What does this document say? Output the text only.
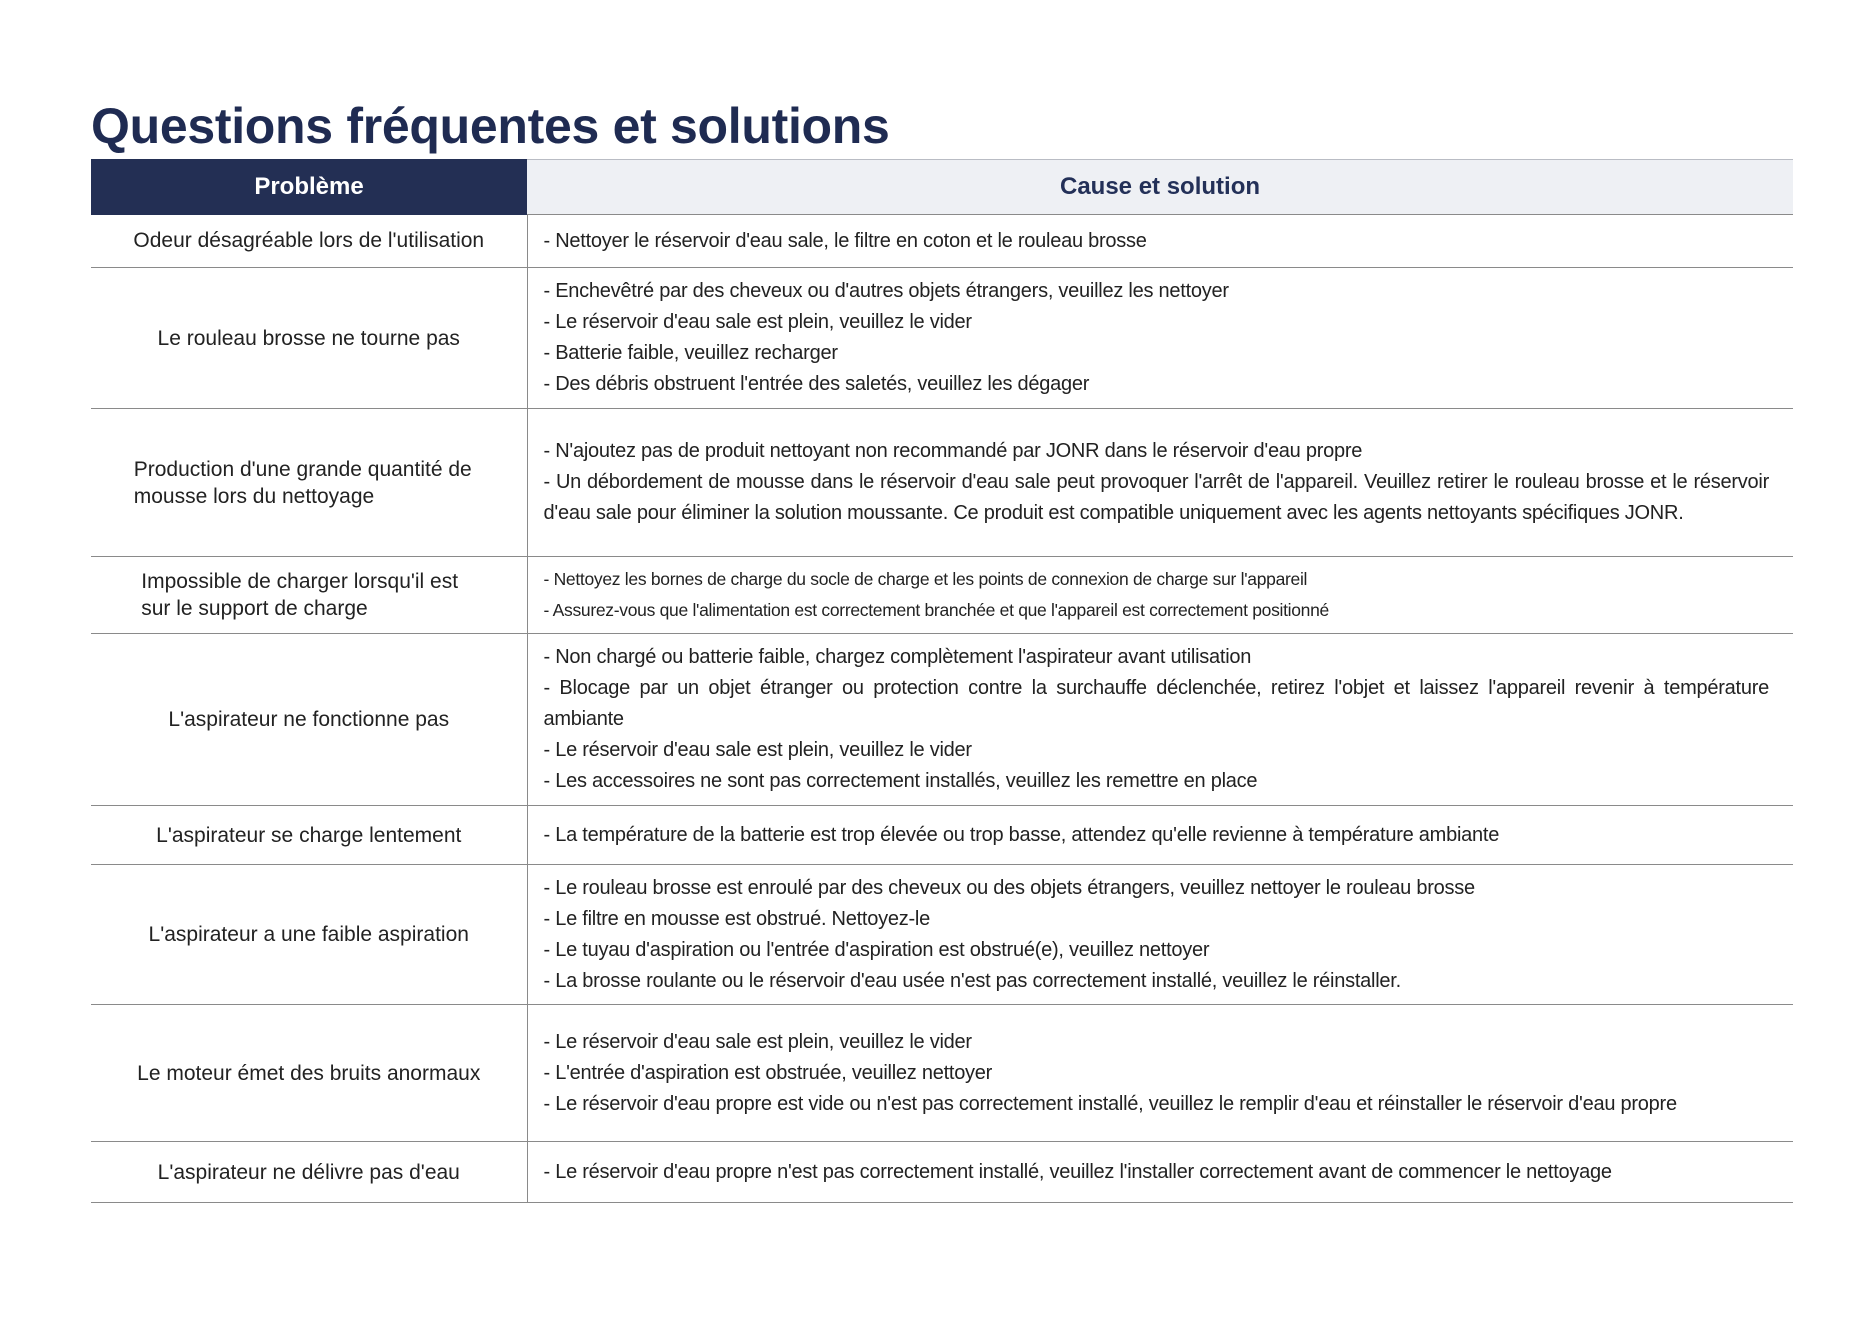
Questions fréquentes et solutions
Problème	Cause et solution
Odeur désagréable lors de l'utilisation	- Nettoyer le réservoir d'eau sale, le filtre en coton et le rouleau brosse

Le rouleau brosse ne tourne pas	- Enchevêtré par des cheveux ou d'autres objets étrangers, veuillez les nettoyer
- Le réservoir d'eau sale est plein, veuillez le vider
- Batterie faible, veuillez recharger
- Des débris obstruent l'entrée des saletés, veuillez les dégager

Production d'une grande quantité de mousse lors du nettoyage	- N'ajoutez pas de produit nettoyant non recommandé par JONR dans le réservoir d'eau propre
- Un débordement de mousse dans le réservoir d'eau sale peut provoquer l'arrêt de l'appareil. Veuillez retirer le rouleau brosse et le réservoir d'eau sale pour éliminer la solution moussante. Ce produit est compatible uniquement avec les agents nettoyants spécifiques JONR.

Impossible de charger lorsqu'il est sur le support de charge	- Nettoyez les bornes de charge du socle de charge et les points de connexion de charge sur l'appareil
- Assurez-vous que l'alimentation est correctement branchée et que l'appareil est correctement positionné

L'aspirateur ne fonctionne pas	- Non chargé ou batterie faible, chargez complètement l'aspirateur avant utilisation
- Blocage par un objet étranger ou protection contre la surchauffe déclenchée, retirez l'objet et laissez l'appareil revenir à température ambiante
- Le réservoir d'eau sale est plein, veuillez le vider
- Les accessoires ne sont pas correctement installés, veuillez les remettre en place

L'aspirateur se charge lentement	- La température de la batterie est trop élevée ou trop basse, attendez qu'elle revienne à température ambiante

L'aspirateur a une faible aspiration	- Le rouleau brosse est enroulé par des cheveux ou des objets étrangers, veuillez nettoyer le rouleau brosse
- Le filtre en mousse est obstrué. Nettoyez-le
- Le tuyau d'aspiration ou l'entrée d'aspiration est obstrué(e), veuillez nettoyer
- La brosse roulante ou le réservoir d'eau usée n'est pas correctement installé, veuillez le réinstaller.

Le moteur émet des bruits anormaux	- Le réservoir d'eau sale est plein, veuillez le vider
- L'entrée d'aspiration est obstruée, veuillez nettoyer
- Le réservoir d'eau propre est vide ou n'est pas correctement installé, veuillez le remplir d'eau et réinstaller le réservoir d'eau propre

L'aspirateur ne délivre pas d'eau	- Le réservoir d'eau propre n'est pas correctement installé, veuillez l'installer correctement avant de commencer le nettoyage
